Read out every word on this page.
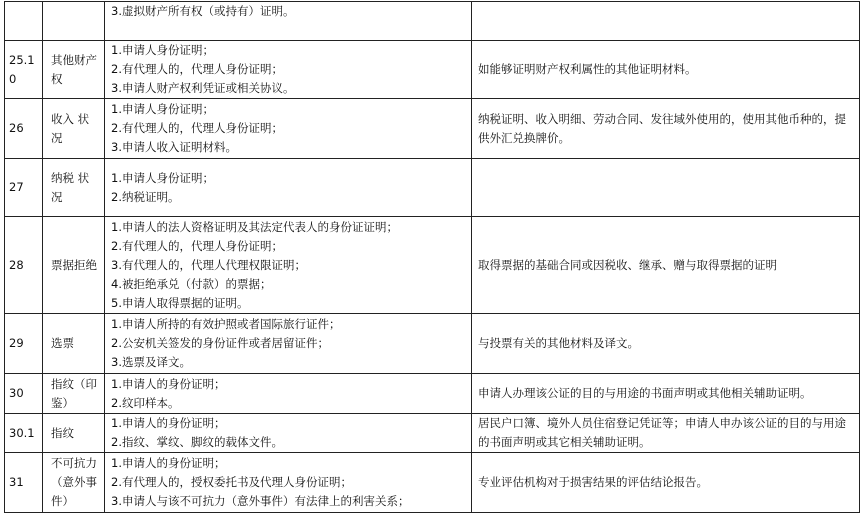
		3.虚拟财产所有权（或持有）证明。	

25.1 0	其他财产权	1.申请人身份证明；
2.有代理人的，代理人身份证明；
3.申请人财产权利凭证或相关协议。	如能够证明财产权利属性的其他证明材料。
26	收入 状况	1.申请人身份证明；
2.有代理人的，代理人身份证明；
3.申请人收入证明材料。	纳税证明、收入明细、劳动合同、发往域外使用的，使用其他币种的，提供外汇兑换牌价。
27	纳税 状况	1.申请人身份证明；
2.纳税证明。	

28	票据拒绝	1.申请人的法人资格证明及其法定代表人的身份证证明；
2.有代理人的，代理人身份证明；
3.有代理人的，代理人代理权限证明；
4.被拒绝承兑（付款）的票据；
5.申请人取得票据的证明。	取得票据的基础合同或因税收、继承、赠与取得票据的证明
29	选票	1.申请人所持的有效护照或者国际旅行证件；
2.公安机关签发的身份证件或者居留证件；
3.选票及译文。	与投票有关的其他材料及译文。
30	指纹（印鉴）	1.申请人的身份证明；
2.纹印样本。	申请人办理该公证的目的与用途的书面声明或其他相关辅助证明。
30.1	指纹	1.申请人的身份证明；
2.指纹、掌纹、脚纹的载体文件。	居民户口簿、境外人员住宿登记凭证等；申请人申办该公证的目的与用途的书面声明或其它相关辅助证明。
31	不可抗力（意外事件）	1.申请人的身份证明；
2.有代理人的，授权委托书及代理人身份证明；
3.申请人与该不可抗力（意外事件）有法律上的利害关系；	专业评估机构对于损害结果的评估结论报告。
